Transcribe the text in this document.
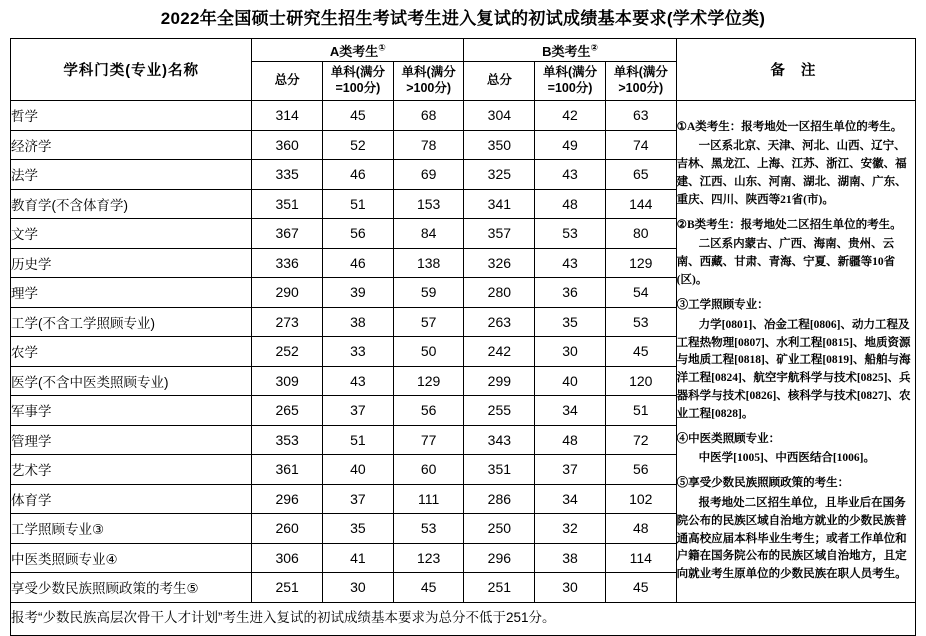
2022年全国硕士研究生招生考试考生进入复试的初试成绩基本要求(学术学位类)
学科门类(专业)名称	A类考生①			B类考生②			备 注
	总分	单科(满分=100分)	单科(满分>100分)	总分	单科(满分=100分)	单科(满分>100分)	

哲学	314	45	68	304	42	63	

①A类考生：报考地处一区招生单位的考生。

一区系北京、天津、河北、山西、辽宁、吉林、黑龙江、上海、江苏、浙江、安徽、福建、江西、山东、河南、湖北、湖南、广东、重庆、四川、陕西等21省(市)。

②B类考生：报考地处二区招生单位的考生。

二区系内蒙古、广西、海南、贵州、云南、西藏、甘肃、青海、宁夏、新疆等10省(区)。

③工学照顾专业：

力学[0801]、冶金工程[0806]、动力工程及工程热物理[0807]、水利工程[0815]、地质资源与地质工程[0818]、矿业工程[0819]、船舶与海洋工程[0824]、航空宇航科学与技术[0825]、兵器科学与技术[0826]、核科学与技术[0827]、农业工程[0828]。

④中医类照顾专业：

中医学[1005]、中西医结合[1006]。

⑤享受少数民族照顾政策的考生：

报考地处二区招生单位，且毕业后在国务院公布的民族区域自治地方就业的少数民族普通高校应届本科毕业生考生；或者工作单位和户籍在国务院公布的民族区域自治地方，且定向就业考生原单位的少数民族在职人员考生。

经济学	360	52	78	350	49	74	
法学	335	46	69	325	43	65	
教育学(不含体育学)	351	51	153	341	48	144	
文学	367	56	84	357	53	80	
历史学	336	46	138	326	43	129	
理学	290	39	59	280	36	54	
工学(不含工学照顾专业)	273	38	57	263	35	53	
农学	252	33	50	242	30	45	
医学(不含中医类照顾专业)	309	43	129	299	40	120	
军事学	265	37	56	255	34	51	
管理学	353	51	77	343	48	72	
艺术学	361	40	60	351	37	56	
体育学	296	37	111	286	34	102	
工学照顾专业③	260	35	53	250	32	48	
中医类照顾专业④	306	41	123	296	38	114	
享受少数民族照顾政策的考生⑤	251	30	45	251	30	45	
报考“少数民族高层次骨干人才计划”考生进入复试的初试成绩基本要求为总分不低于251分。							
